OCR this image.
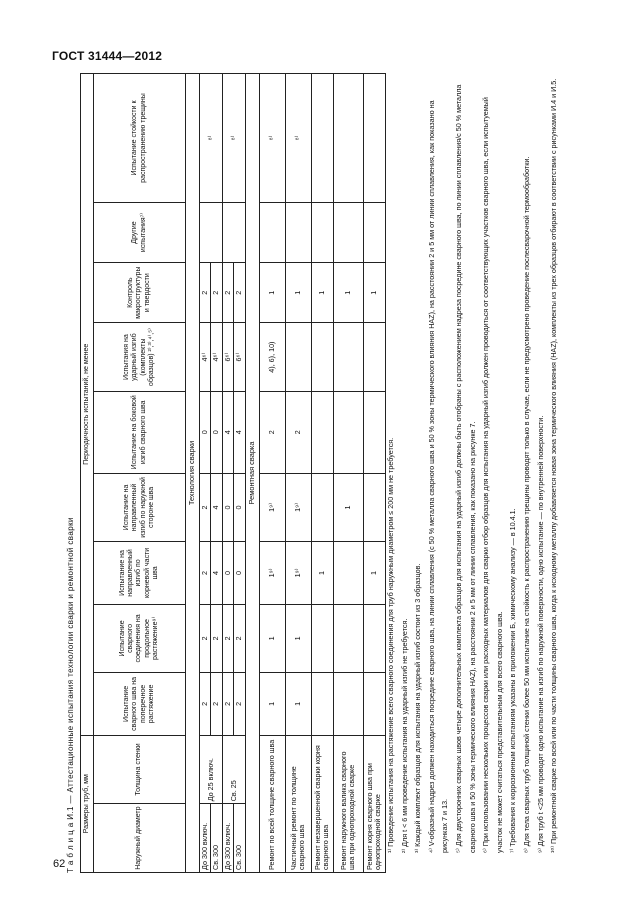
ГОСТ 31444—2012
62 Т а б л и ц а И.1 — Аттестационные испытания технологии сварки и ремонтной сварки	Размеры труб, мм		Периодичность испытаний, не менее								
Наружный диаметр	Толщина стенки	Испытание сварного шва на поперечное растяжение	Испытание сварного соединения на продольное растяжение⁹⁾	Испытание на направленный изгиб по корневой части шва	Испытание на направленный изгиб по наружной стороне шва	Испытание на боковой изгиб сварного шва	Испытания на ударный изгиб (комплекты образцов) ²⁾,³⁾,⁴⁾,⁵⁾	Контроль макроструктуры и твердости	Другие испытания⁷⁾	Испытание стойкости к распространению трещины
Технология сварки										
До 300 включ.	До 25 включ.	2	2	2	2	0	4⁶⁾	2		⁸⁾
Св. 300		2	2	4	4	0	4⁶⁾	2		
До 300 включ.	Св. 25	2	2	0	0	4	6⁶⁾	2		⁸⁾
Св. 300		2	2	0	0	4	6⁶⁾	2		
Ремонтная сварка										
Ремонт по всей толщине сварного шва		1	1	1⁹⁾	1⁹⁾	2	4), 6), 10)	1		⁸⁾
Частичный ремонт по толщине сварного шва		1	1	1⁹⁾	1⁹⁾	2		1		⁸⁾
Ремонт незавершенной сварки корня сварного шва				1				1		
Ремонт наружного валика сварного шва при однопроходной сварке					1			1		
Ремонт корня сварного шва при однопроходной сварке				1				1		
¹⁾ Проведение испытания на растяжение всего сварного соединения для труб наружным диаметром ≤ 200 мм не требуется. ²⁾ Для t < 6 мм проведение испытания на ударный изгиб не требуется. ³⁾ Каждый комплект образцов для испытания на ударный изгиб состоит из 3 образцов. ⁴⁾ V-образный надрез должен находиться посредине сварного шва, на линии сплавления (с 50 % металла сварного шва и 50 % зоны термического влияния HAZ), на расстоянии 2 и 5 мм от линии сплавления, как показано на рисунках 7 и 13. ⁵⁾ Для двусторонних сварных швов четыре дополнительных комплекта образцов для испытания на ударный изгиб должны быть отобраны с расположением надреза посредине сварного шва, по линии сплавления/с 50 % металла сварного шва и 50 % зоны термического влияния HAZ), на расстоянии 2 и 5 мм от линии сплавления, как показано на рисунке 7. ⁶⁾ При использовании нескольких процессов сварки или расходных материалов для сварки отбор образцов для испытания на ударный изгиб должен проводиться от соответствующих участков сварного шва, если испытуемый участок не может считаться представительным для всего сварного шва. ⁷⁾ Требования к коррозионным испытаниям указаны в приложении Б, химическому анализу — в 10.4.1. ⁸⁾ Для тела сварных труб толщиной стенки более 50 мм испытание на стойкость к распространению трещины проводят только в случае, если не предусмотрено проведение послесварочной термообработки. ⁹⁾ Для труб t <25 мм проводят одно испытание на изгиб по наружной поверхности, одно испытание — по внутренней поверхности. ¹⁰⁾ При ремонтной сварке по всей или по части толщины сварного шва, когда к исходному металлу добавляется новая зона термического влияния (HAZ), комплекты из трех образцов отбирают в соответствии с рисунками И.4 и И.5.
